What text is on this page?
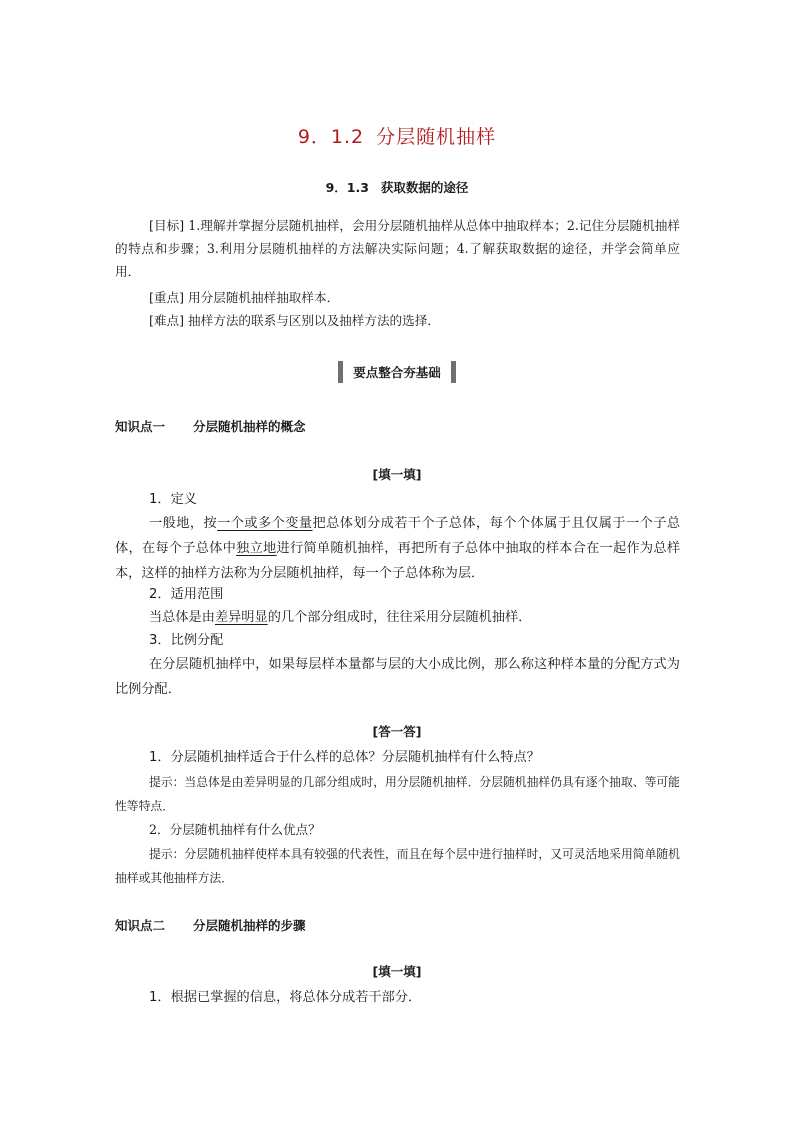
9．1.2 分层随机抽样
9．1.3 获取数据的途径
[目标] 1.理解并掌握分层随机抽样，会用分层随机抽样从总体中抽取样本；2.记住分层随机抽样的特点和步骤；3.利用分层随机抽样的方法解决实际问题；4.了解获取数据的途径，并学会简单应用．
[重点] 用分层随机抽样抽取样本．
[难点] 抽样方法的联系与区别以及抽样方法的选择．
要点整合夯基础
知识点一 分层随机抽样的概念
[填一填]
1．定义
一般地，按一个或多个变量把总体划分成若干个子总体，每个个体属于且仅属于一个子总体，在每个子总体中独立地进行简单随机抽样，再把所有子总体中抽取的样本合在一起作为总样本，这样的抽样方法称为分层随机抽样，每一个子总体称为层．
2．适用范围
当总体是由差异明显的几个部分组成时，往往采用分层随机抽样．
3．比例分配
在分层随机抽样中，如果每层样本量都与层的大小成比例，那么称这种样本量的分配方式为比例分配．
[答一答]
1．分层随机抽样适合于什么样的总体？分层随机抽样有什么特点？
提示：当总体是由差异明显的几部分组成时，用分层随机抽样．分层随机抽样仍具有逐个抽取、等可能性等特点．
2．分层随机抽样有什么优点？
提示：分层随机抽样使样本具有较强的代表性，而且在每个层中进行抽样时，又可灵活地采用简单随机抽样或其他抽样方法．
知识点二 分层随机抽样的步骤
[填一填]
1．根据已掌握的信息，将总体分成若干部分．
